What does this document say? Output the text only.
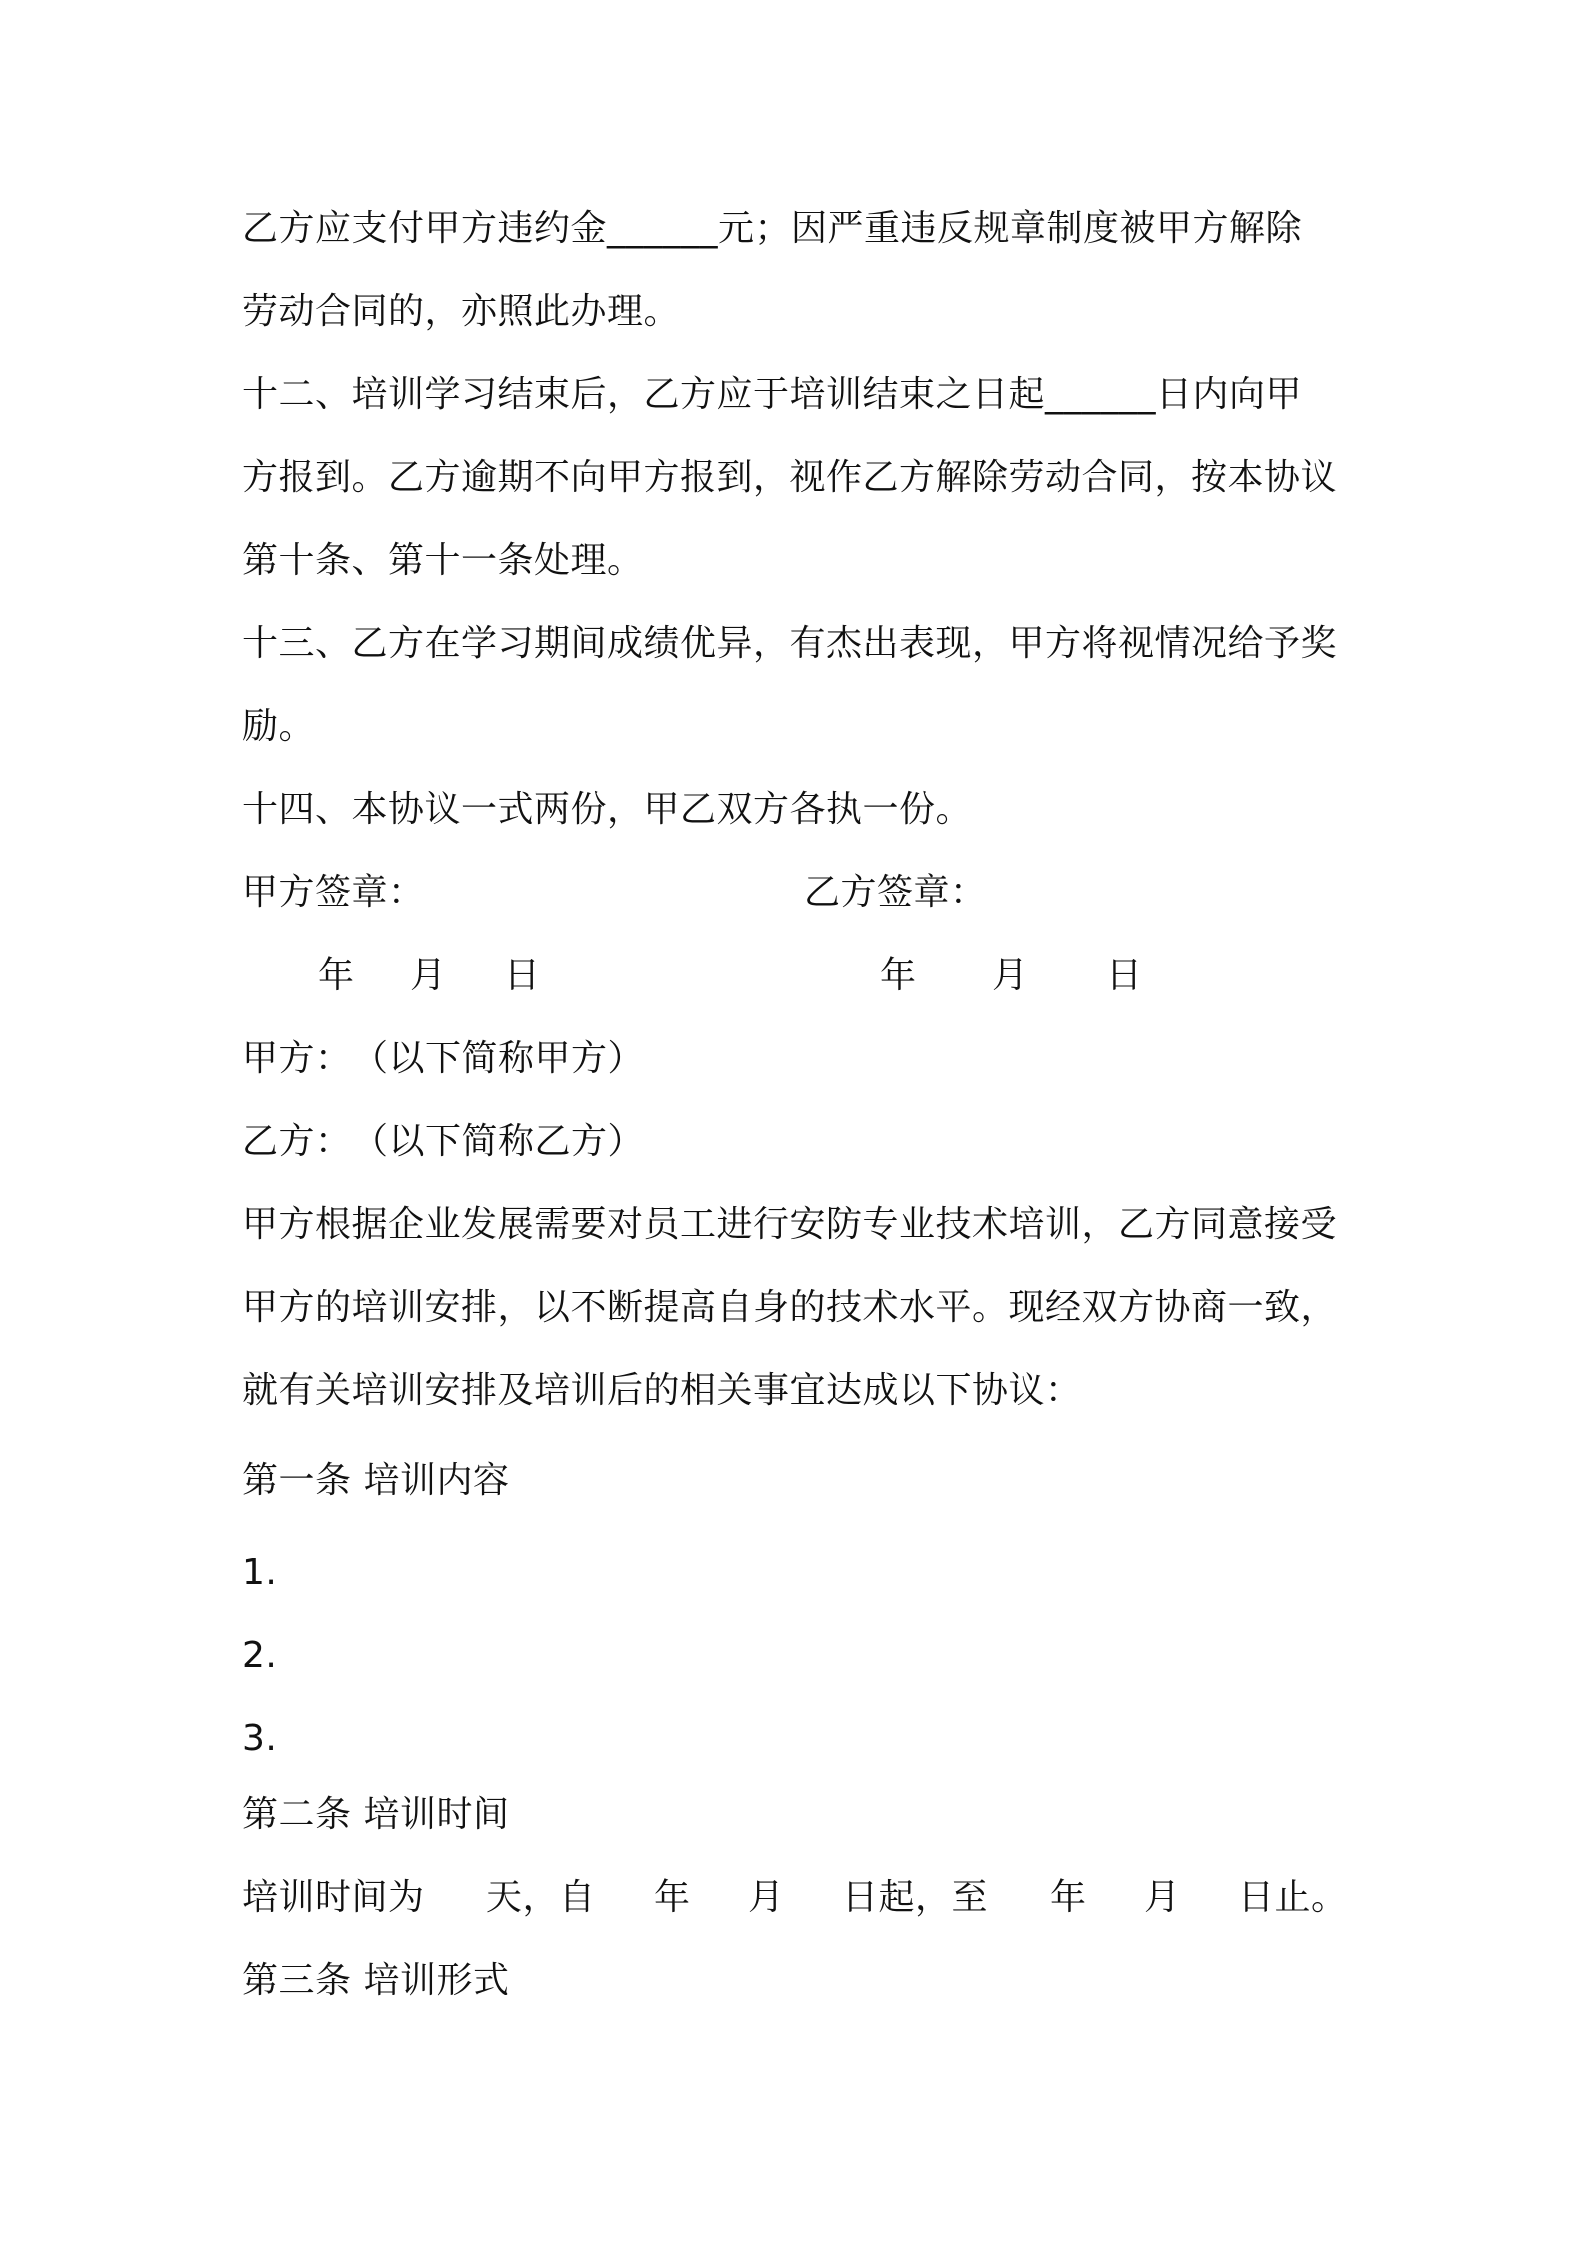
乙方应支付甲方违约金______元；因严重违反规章制度被甲方解除
劳动合同的，亦照此办理。
十二、培训学习结束后，乙方应于培训结束之日起______日内向甲
方报到。乙方逾期不向甲方报到，视作乙方解除劳动合同，按本协议
第十条、第十一条处理。
十三、乙方在学习期间成绩优异，有杰出表现，甲方将视情况给予奖
励。
十四、本协议一式两份，甲乙双方各执一份。
甲方签章：	乙方签章：
年 月 日	年 月 日
甲方：　（以下简称甲方）
乙方：　（以下简称乙方）
甲方根据企业发展需要对员工进行安防专业技术培训，乙方同意接受
甲方的培训安排，以不断提高自身的技术水平。现经双方协商一致，
就有关培训安排及培训后的相关事宜达成以下协议：
第一条 培训内容
1.
2.
3.
第二条 培训时间
培训时间为 天，自 年 月 日起，至 年 月 日止。
第三条 培训形式
